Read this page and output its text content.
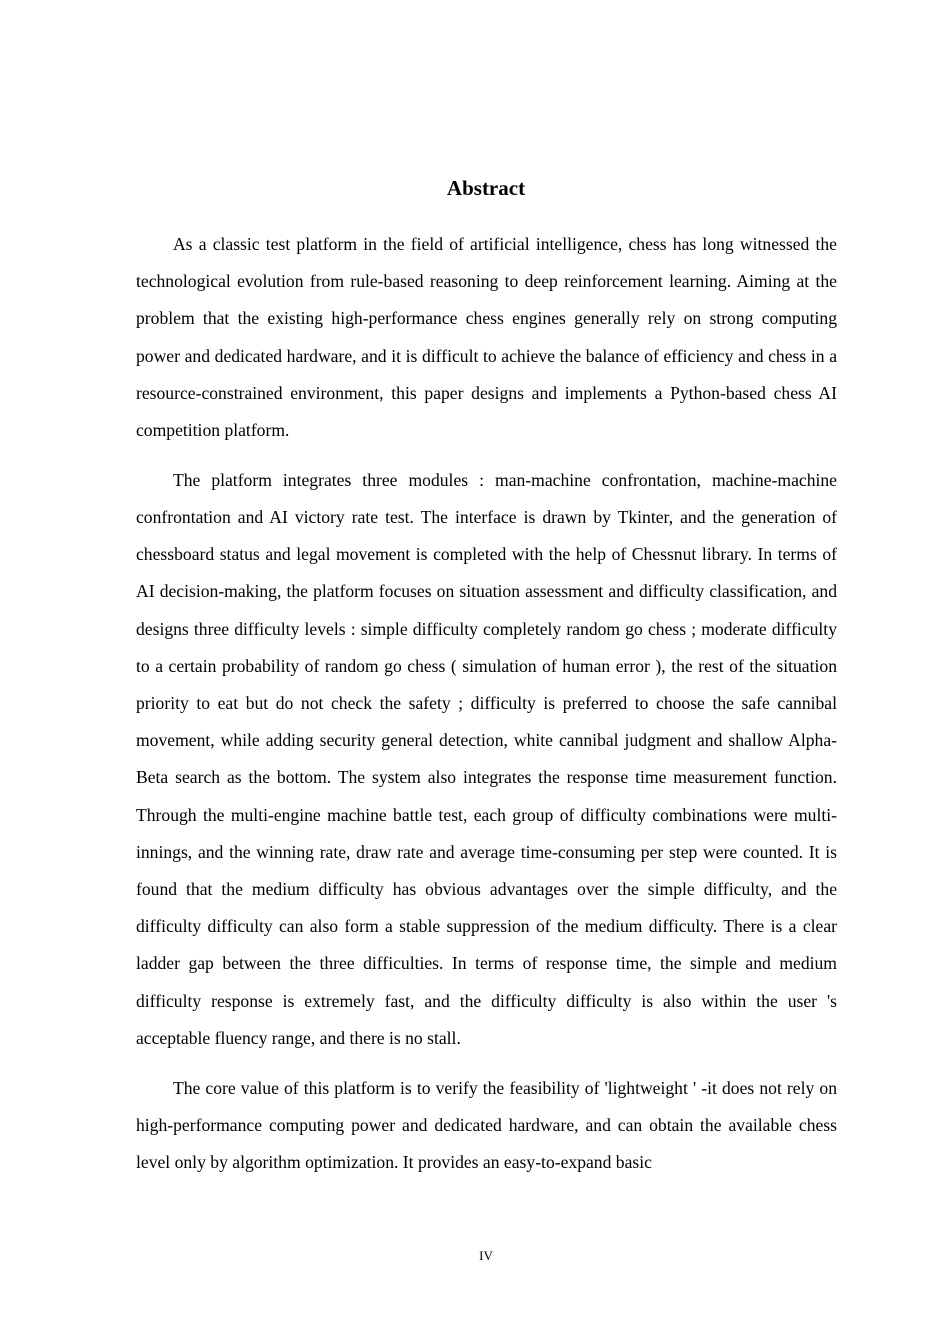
Abstract

As a classic test platform in the field of artificial intelligence, chess has long witnessed the technological evolution from rule-based reasoning to deep reinforcement learning. Aiming at the problem that the existing high-performance chess engines generally rely on strong computing power and dedicated hardware, and it is difficult to achieve the balance of efficiency and chess in a resource-constrained environment, this paper designs and implements a Python-based chess AI competition platform.

The platform integrates three modules : man-machine confrontation, machine-machine confrontation and AI victory rate test. The interface is drawn by Tkinter, and the generation of chessboard status and legal movement is completed with the help of Chessnut library. In terms of AI decision-making, the platform focuses on situation assessment and difficulty classification, and designs three difficulty levels : simple difficulty completely random go chess ; moderate difficulty to a certain probability of random go chess ( simulation of human error ), the rest of the situation priority to eat but do not check the safety ; difficulty is preferred to choose the safe cannibal movement, while adding security general detection, white cannibal judgment and shallow Alpha-Beta search as the bottom. The system also integrates the response time measurement function. Through the multi-engine machine battle test, each group of difficulty combinations were multi-innings, and the winning rate, draw rate and average time-consuming per step were counted. It is found that the medium difficulty has obvious advantages over the simple difficulty, and the difficulty difficulty can also form a stable suppression of the medium difficulty. There is a clear ladder gap between the three difficulties. In terms of response time, the simple and medium difficulty response is extremely fast, and the difficulty difficulty is also within the user 's acceptable fluency range, and there is no stall.

The core value of this platform is to verify the feasibility of 'lightweight ' -it does not rely on high-performance computing power and dedicated hardware, and can obtain the available chess level only by algorithm optimization. It provides an easy-to-expand basic

IV
